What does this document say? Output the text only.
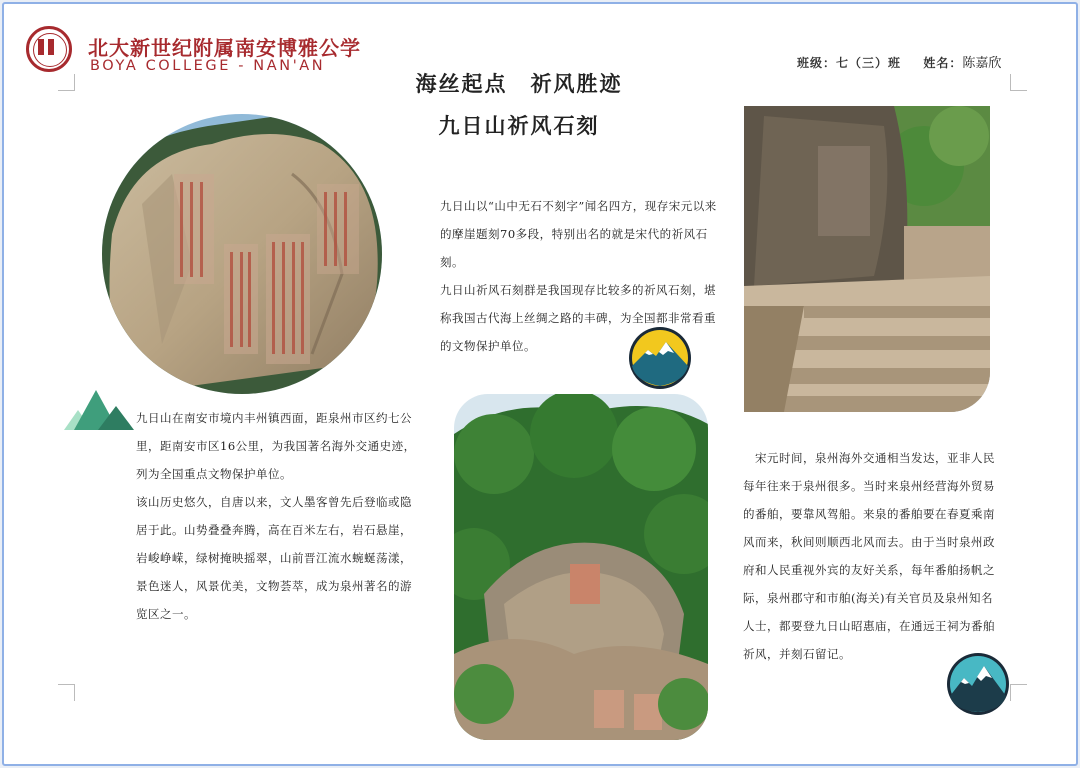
北大新世纪附属南安博雅公学
BOYA COLLEGE - NAN'AN	班级：七（三）班 姓名：陈嘉欣
海丝起点　祈风胜迹
九日山祈风石刻

九日山以“山中无石不刻字”闻名四方，现存宋元以来的摩崖题刻70多段，特别出名的就是宋代的祈风石刻。

九日山祈风石刻群是我国现存比较多的祈风石刻，堪称我国古代海上丝绸之路的丰碑，为全国都非常看重的文物保护单位。

九日山在南安市境内丰州镇西面，距泉州市区约七公里，距南安市区16公里，为我国著名海外交通史迹，列为全国重点文物保护单位。

该山历史悠久，自唐以来，文人墨客曾先后登临或隐居于此。山势叠叠奔腾，高在百米左右，岩石悬崖，岩峻峥嵘，绿树掩映摇翠，山前晋江流水蜿蜒荡漾，景色迷人，风景优美，文物荟萃，成为泉州著名的游览区之一。

　宋元时间，泉州海外交通相当发达，亚非人民每年往来于泉州很多。当时来泉州经营海外贸易的番舶，要靠风驾船。来泉的番舶要在春夏乘南风而来，秋间则顺西北风而去。由于当时泉州政府和人民重视外宾的友好关系，每年番舶扬帆之际，泉州郡守和市舶(海关)有关官员及泉州知名人士，都要登九日山昭惠庙，在通远王祠为番舶祈风，并刻石留记。
